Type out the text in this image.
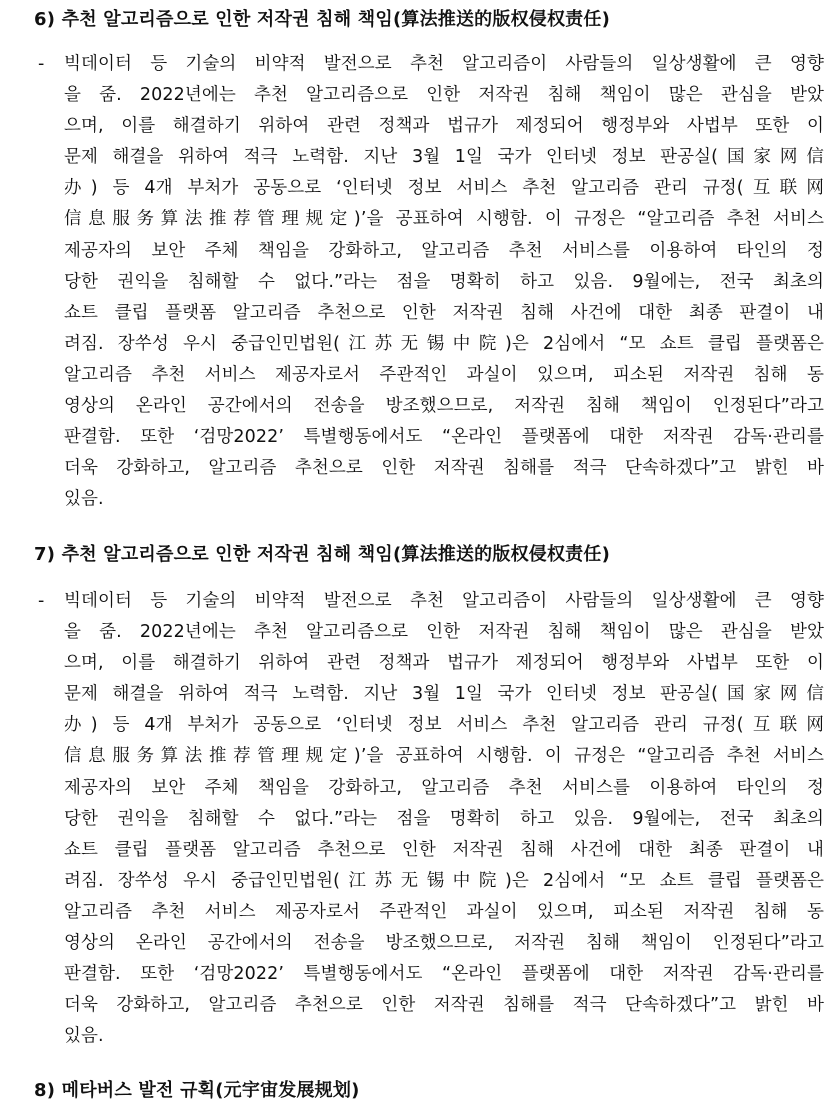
6) 추천 알고리즘으로 인한 저작권 침해 책임(算法推送的版权侵权责任)
- 빅데이터 등 기술의 비약적 발전으로 추천 알고리즘이 사람들의 일상생활에 큰 영향
을 줌. 2022년에는 추천 알고리즘으로 인한 저작권 침해 책임이 많은 관심을 받았
으며, 이를 해결하기 위하여 관련 정책과 법규가 제정되어 행정부와 사법부 또한 이
문제 해결을 위하여 적극 노력함. 지난 3월 1일 국가 인터넷 정보 판공실(国家网信
办) 등 4개 부처가 공동으로 ‘인터넷 정보 서비스 추천 알고리즘 관리 규정(互联网
信息服务算法推荐管理规定)’을 공표하여 시행함. 이 규정은 “알고리즘 추천 서비스
제공자의 보안 주체 책임을 강화하고, 알고리즘 추천 서비스를 이용하여 타인의 정
당한 권익을 침해할 수 없다.”라는 점을 명확히 하고 있음. 9월에는, 전국 최초의
쇼트 클립 플랫폼 알고리즘 추천으로 인한 저작권 침해 사건에 대한 최종 판결이 내
려짐. 장쑤성 우시 중급인민법원(江苏无锡中院)은 2심에서 “모 쇼트 클립 플랫폼은
알고리즘 추천 서비스 제공자로서 주관적인 과실이 있으며, 피소된 저작권 침해 동
영상의 온라인 공간에서의 전송을 방조했으므로, 저작권 침해 책임이 인정된다”라고
판결함. 또한 ‘검망2022’ 특별행동에서도 “온라인 플랫폼에 대한 저작권 감독·관리를
더욱 강화하고, 알고리즘 추천으로 인한 저작권 침해를 적극 단속하겠다”고 밝힌 바
있음.
7) 추천 알고리즘으로 인한 저작권 침해 책임(算法推送的版权侵权责任)
- 빅데이터 등 기술의 비약적 발전으로 추천 알고리즘이 사람들의 일상생활에 큰 영향
을 줌. 2022년에는 추천 알고리즘으로 인한 저작권 침해 책임이 많은 관심을 받았
으며, 이를 해결하기 위하여 관련 정책과 법규가 제정되어 행정부와 사법부 또한 이
문제 해결을 위하여 적극 노력함. 지난 3월 1일 국가 인터넷 정보 판공실(国家网信
办) 등 4개 부처가 공동으로 ‘인터넷 정보 서비스 추천 알고리즘 관리 규정(互联网
信息服务算法推荐管理规定)’을 공표하여 시행함. 이 규정은 “알고리즘 추천 서비스
제공자의 보안 주체 책임을 강화하고, 알고리즘 추천 서비스를 이용하여 타인의 정
당한 권익을 침해할 수 없다.”라는 점을 명확히 하고 있음. 9월에는, 전국 최초의
쇼트 클립 플랫폼 알고리즘 추천으로 인한 저작권 침해 사건에 대한 최종 판결이 내
려짐. 장쑤성 우시 중급인민법원(江苏无锡中院)은 2심에서 “모 쇼트 클립 플랫폼은
알고리즘 추천 서비스 제공자로서 주관적인 과실이 있으며, 피소된 저작권 침해 동
영상의 온라인 공간에서의 전송을 방조했으므로, 저작권 침해 책임이 인정된다”라고
판결함. 또한 ‘검망2022’ 특별행동에서도 “온라인 플랫폼에 대한 저작권 감독·관리를
더욱 강화하고, 알고리즘 추천으로 인한 저작권 침해를 적극 단속하겠다”고 밝힌 바
있음.
8) 메타버스 발전 규획(元宇宙发展规划)
